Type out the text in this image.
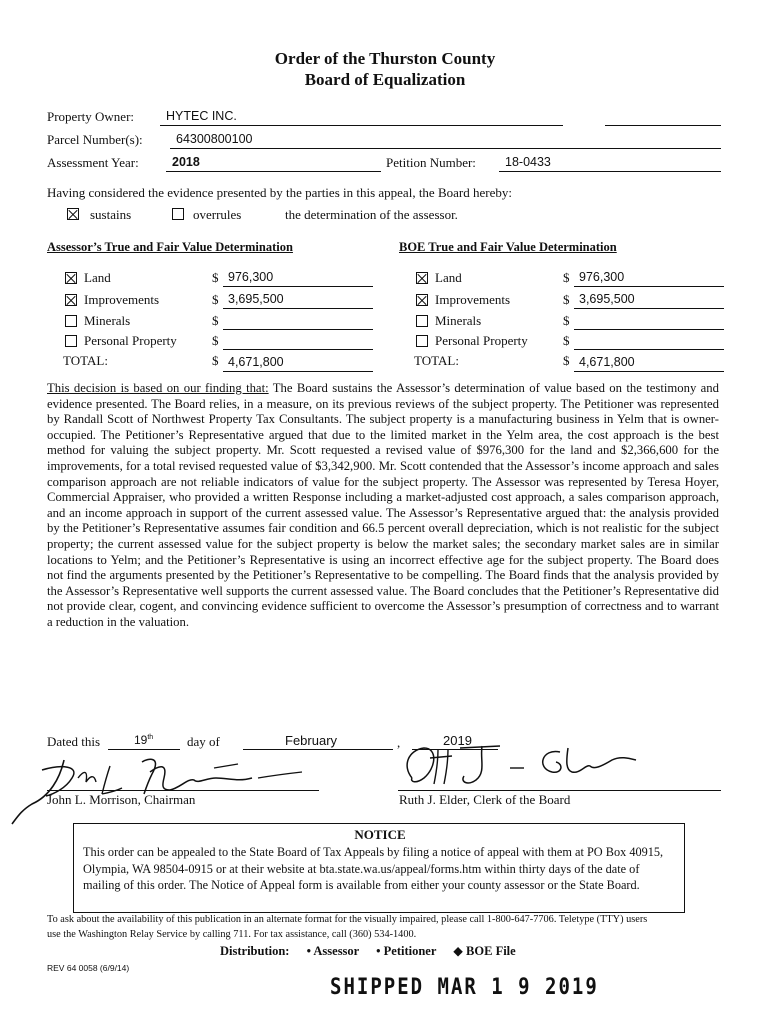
Order of the Thurston County
Board of Equalization
Property Owner:	HYTEC INC.
Parcel Number(s):	64300800100
Assessment Year:	2018	Petition Number: 18-0433
Having considered the evidence presented by the parties in this appeal, the Board hereby:
sustains	overrules	the determination of the assessor.
Assessor’s True and Fair Value Determination
Land	$ 976,300
Improvements	$ 3,695,500
Minerals	$
Personal Property	$
TOTAL:	$ 4,671,800
BOE True and Fair Value Determination
Land	$ 976,300
Improvements	$ 3,695,500
Minerals	$
Personal Property	$
TOTAL:	$ 4,671,800
This decision is based on our finding that: The Board sustains the Assessor’s determination of value based on the testimony and evidence presented. The Board relies, in a measure, on its previous reviews of the subject property. The Petitioner was represented by Randall Scott of Northwest Property Tax Consultants. The subject property is a manufacturing business in Yelm that is owner-occupied. The Petitioner’s Representative argued that due to the limited market in the Yelm area, the cost approach is the best method for valuing the subject property. Mr. Scott requested a revised value of $976,300 for the land and $2,366,600 for the improvements, for a total revised requested value of $3,342,900. Mr. Scott contended that the Assessor’s income approach and sales comparison approach are not reliable indicators of value for the subject property. The Assessor was represented by Teresa Hoyer, Commercial Appraiser, who provided a written Response including a market-adjusted cost approach, a sales comparison approach, and an income approach in support of the current assessed value. The Assessor’s Representative argued that: the analysis provided by the Petitioner’s Representative assumes fair condition and 66.5 percent overall depreciation, which is not realistic for the subject property; the current assessed value for the subject property is below the market sales; the secondary market sales are in similar locations to Yelm; and the Petitioner’s Representative is using an incorrect effective age for the subject property. The Board does not find the arguments presented by the Petitioner’s Representative to be compelling. The Board finds that the analysis provided by the Assessor’s Representative well supports the current assessed value. The Board concludes that the Petitioner’s Representative did not provide clear, cogent, and convincing evidence sufficient to overcome the Assessor’s presumption of correctness and to warrant a reduction in the valuation.
Dated this	19th	day of	February	,	2019
John L. Morrison, Chairman	Ruth J. Elder, Clerk of the Board
NOTICE
This order can be appealed to the State Board of Tax Appeals by filing a notice of appeal with them at PO Box 40915, Olympia, WA 98504-0915 or at their website at bta.state.wa.us/appeal/forms.htm within thirty days of the date of mailing of this order. The Notice of Appeal form is available from either your county assessor or the State Board.
To ask about the availability of this publication in an alternate format for the visually impaired, please call 1-800-647-7706. Teletype (TTY) users use the Washington Relay Service by calling 711. For tax assistance, call (360) 534-1400.
Distribution: • Assessor • Petitioner ◆ BOE File
REV 64 0058 (6/9/14)
SHIPPED MAR 1 9 2019
